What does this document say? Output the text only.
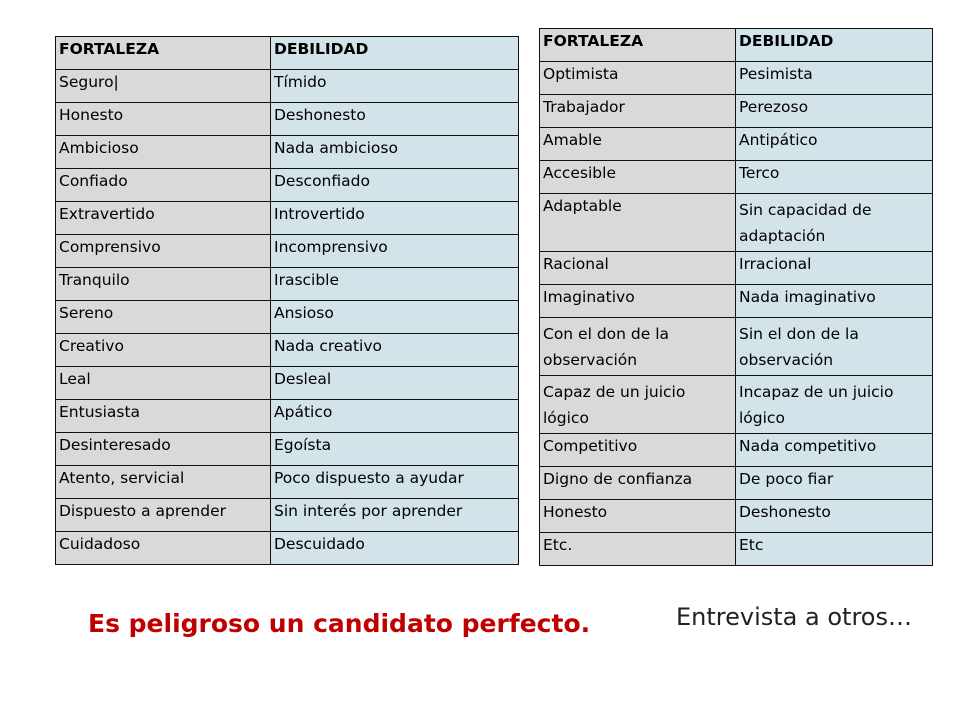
FORTALEZA	DEBILIDAD
Seguro|	Tímido
Honesto	Deshonesto
Ambicioso	Nada ambicioso
Confiado	Desconfiado
Extravertido	Introvertido
Comprensivo	Incomprensivo
Tranquilo	Irascible
Sereno	Ansioso
Creativo	Nada creativo
Leal	Desleal
Entusiasta	Apático
Desinteresado	Egoísta
Atento, servicial	Poco dispuesto a ayudar
Dispuesto a aprender	Sin interés por aprender
Cuidadoso	Descuidado
FORTALEZA	DEBILIDAD
Optimista	Pesimista
Trabajador	Perezoso
Amable	Antipático
Accesible	Terco
Adaptable	Sin capacidad de adaptación
Racional	Irracional
Imaginativo	Nada imaginativo
Con el don de la observación	Sin el don de la observación
Capaz de un juicio lógico	Incapaz de un juicio lógico
Competitivo	Nada competitivo
Digno de confianza	De poco fiar
Honesto	Deshonesto
Etc.	Etc

Es peligroso un candidato perfecto.	Entrevista a otros…
